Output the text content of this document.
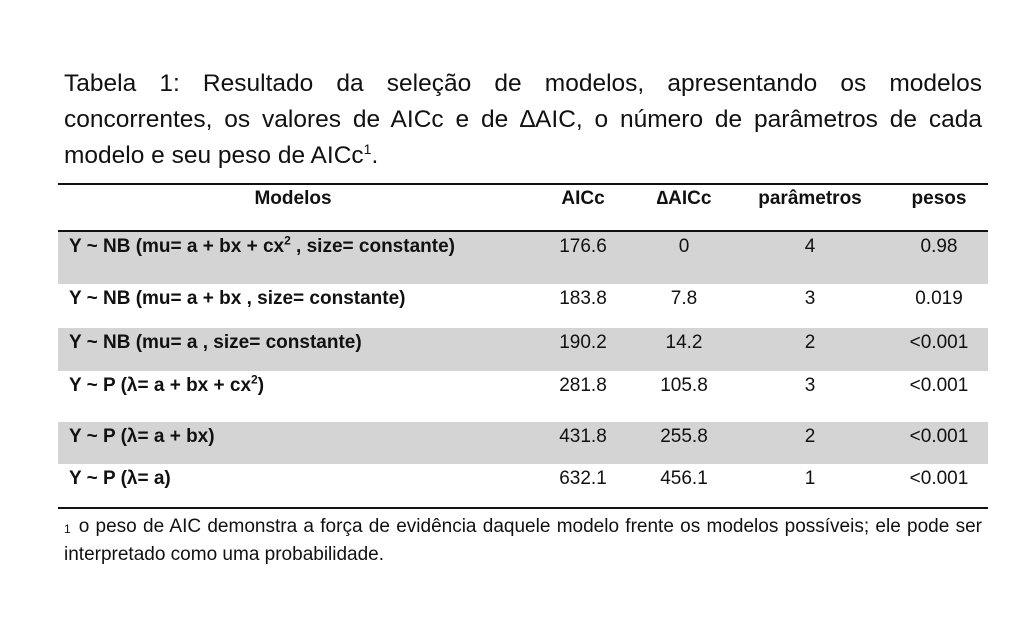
Tabela 1: Resultado da seleção de modelos, apresentando os modelos concorrentes, os valores de AICc e de ∆AIC, o número de parâmetros de cada modelo e seu peso de AICc$^1$.

Modelos	AICc	∆AICc	parâmetros	pesos
Y ~ NB (mu= a + bx + $cx^2$ , size= constante)	176.6	0	4	0.98
Y ~ NB (mu= a + bx , size= constante)	183.8	7.8	3	0.019
Y ~ NB (mu= a , size= constante)	190.2	14.2	2	<0.001
Y ~ P (λ= a + bx + $cx^2$)	281.8	105.8	3	<0.001
Y ~ P (λ= a + bx)	431.8	255.8	2	<0.001
Y ~ P (λ= a)	632.1	456.1	1	<0.001

$^1$ o peso de AIC demonstra a força de evidência daquele modelo frente os modelos possíveis; ele pode ser interpretado como uma probabilidade.
